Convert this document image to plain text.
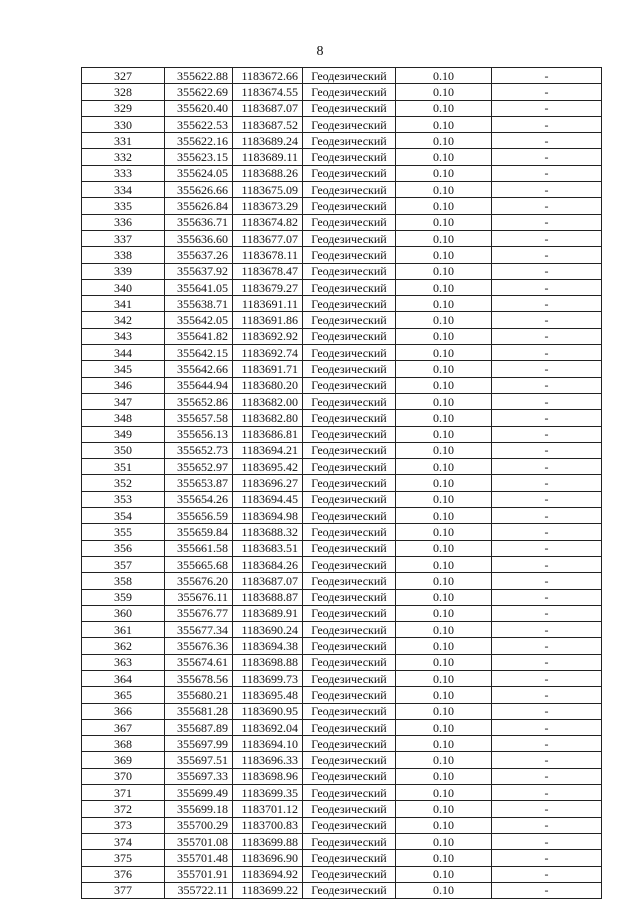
8
327	355622.88	1183672.66	Геодезический	0.10	-
328	355622.69	1183674.55	Геодезический	0.10	-
329	355620.40	1183687.07	Геодезический	0.10	-
330	355622.53	1183687.52	Геодезический	0.10	-
331	355622.16	1183689.24	Геодезический	0.10	-
332	355623.15	1183689.11	Геодезический	0.10	-
333	355624.05	1183688.26	Геодезический	0.10	-
334	355626.66	1183675.09	Геодезический	0.10	-
335	355626.84	1183673.29	Геодезический	0.10	-
336	355636.71	1183674.82	Геодезический	0.10	-
337	355636.60	1183677.07	Геодезический	0.10	-
338	355637.26	1183678.11	Геодезический	0.10	-
339	355637.92	1183678.47	Геодезический	0.10	-
340	355641.05	1183679.27	Геодезический	0.10	-
341	355638.71	1183691.11	Геодезический	0.10	-
342	355642.05	1183691.86	Геодезический	0.10	-
343	355641.82	1183692.92	Геодезический	0.10	-
344	355642.15	1183692.74	Геодезический	0.10	-
345	355642.66	1183691.71	Геодезический	0.10	-
346	355644.94	1183680.20	Геодезический	0.10	-
347	355652.86	1183682.00	Геодезический	0.10	-
348	355657.58	1183682.80	Геодезический	0.10	-
349	355656.13	1183686.81	Геодезический	0.10	-
350	355652.73	1183694.21	Геодезический	0.10	-
351	355652.97	1183695.42	Геодезический	0.10	-
352	355653.87	1183696.27	Геодезический	0.10	-
353	355654.26	1183694.45	Геодезический	0.10	-
354	355656.59	1183694.98	Геодезический	0.10	-
355	355659.84	1183688.32	Геодезический	0.10	-
356	355661.58	1183683.51	Геодезический	0.10	-
357	355665.68	1183684.26	Геодезический	0.10	-
358	355676.20	1183687.07	Геодезический	0.10	-
359	355676.11	1183688.87	Геодезический	0.10	-
360	355676.77	1183689.91	Геодезический	0.10	-
361	355677.34	1183690.24	Геодезический	0.10	-
362	355676.36	1183694.38	Геодезический	0.10	-
363	355674.61	1183698.88	Геодезический	0.10	-
364	355678.56	1183699.73	Геодезический	0.10	-
365	355680.21	1183695.48	Геодезический	0.10	-
366	355681.28	1183690.95	Геодезический	0.10	-
367	355687.89	1183692.04	Геодезический	0.10	-
368	355697.99	1183694.10	Геодезический	0.10	-
369	355697.51	1183696.33	Геодезический	0.10	-
370	355697.33	1183698.96	Геодезический	0.10	-
371	355699.49	1183699.35	Геодезический	0.10	-
372	355699.18	1183701.12	Геодезический	0.10	-
373	355700.29	1183700.83	Геодезический	0.10	-
374	355701.08	1183699.88	Геодезический	0.10	-
375	355701.48	1183696.90	Геодезический	0.10	-
376	355701.91	1183694.92	Геодезический	0.10	-
377	355722.11	1183699.22	Геодезический	0.10	-
